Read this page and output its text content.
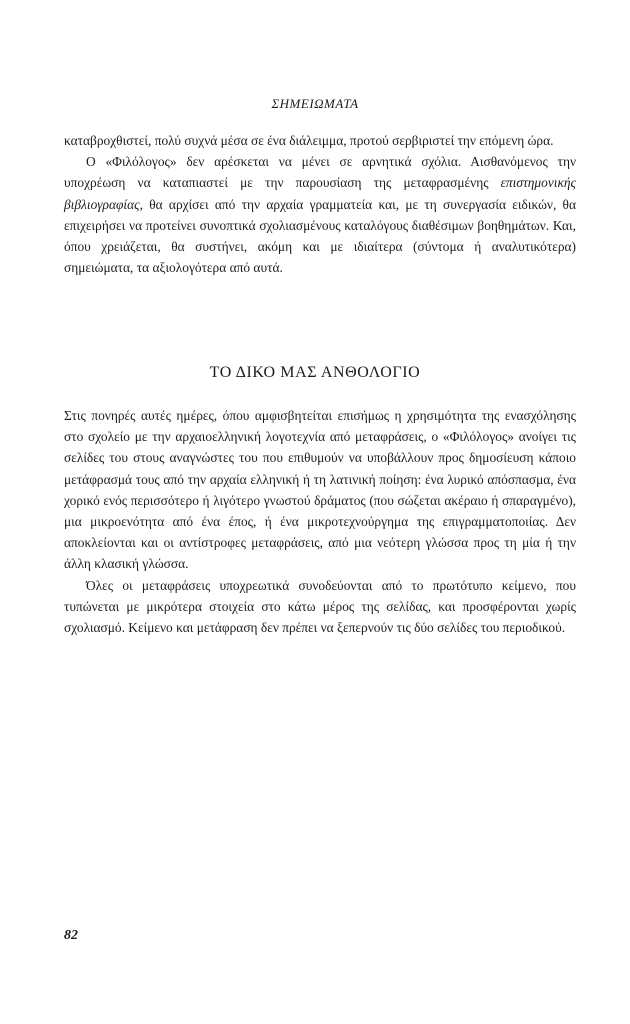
ΣΗΜΕΙΩΜΑΤΑ

καταβροχθιστεί, πολύ συχνά μέσα σε ένα διάλειμμα, προτού σερβιριστεί την επόμενη ώρα.

Ο «Φιλόλογος» δεν αρέσκεται να μένει σε αρνητικά σχόλια. Αισθανόμενος την υποχρέωση να καταπιαστεί με την παρουσίαση της μεταφρασμένης επιστημονικής βιβλιογραφίας, θα αρχίσει από την αρχαία γραμματεία και, με τη συνεργασία ειδικών, θα επιχειρήσει να προτείνει συνοπτικά σχολιασμένους καταλόγους διαθέσιμων βοηθημάτων. Και, όπου χρειάζεται, θα συστήνει, ακόμη και με ιδιαίτερα (σύντομα ή αναλυτικότερα) σημειώματα, τα αξιολογότερα από αυτά.

ΤΟ ΔΙΚΟ ΜΑΣ ΑΝΘΟΛΟΓΙΟ

Στις πονηρές αυτές ημέρες, όπου αμφισβητείται επισήμως η χρησιμότητα της ενασχόλησης στο σχολείο με την αρχαιοελληνική λογοτεχνία από μεταφράσεις, ο «Φιλόλογος» ανοίγει τις σελίδες του στους αναγνώστες του που επιθυμούν να υποβάλλουν προς δημοσίευση κάποιο μετάφρασμά τους από την αρχαία ελληνική ή τη λατινική ποίηση: ένα λυρικό απόσπασμα, ένα χορικό ενός περισσότερο ή λιγότερο γνωστού δράματος (που σώζεται ακέραιο ή σπαραγμένο), μια μικροενότητα από ένα έπος, ή ένα μικροτεχνούργημα της επιγραμματοποιίας. Δεν αποκλείονται και οι αντίστροφες μεταφράσεις, από μια νεότερη γλώσσα προς τη μία ή την άλλη κλασική γλώσσα.

Όλες οι μεταφράσεις υποχρεωτικά συνοδεύονται από το πρωτότυπο κείμενο, που τυπώνεται με μικρότερα στοιχεία στο κάτω μέρος της σελίδας, και προσφέρονται χωρίς σχολιασμό. Κείμενο και μετάφραση δεν πρέπει να ξεπερνούν τις δύο σελίδες του περιοδικού.

82
